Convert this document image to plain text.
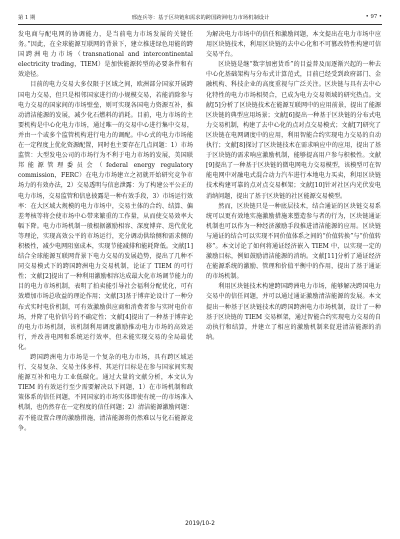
第 1 期	邢连兵等：基于区块链和需求的跨国跨洲电力市场机制设计	• 97 •

发电商与配电网的协调能力，是当前电力市场发展的关键任务。”因此，在全球能源互联网的背景下，建立推进绿色用能的跨国跨洲电力市场（transnational and intercontinental electricity trading，TIEM）是加快能源转型的必要条件和有效途径。

目前的电力交易大多仅限于区域之间，欧洲部分国家开展跨国电力交易，但只是相邻国家进行的小规模交易，若能消除参与电力交易的国家间的市场壁垒，则可实现各国电力资源互补，推动清洁能源的发展，减少化石燃料的消耗。目前，电力市场的主要机构是中心化电力市场，通过唯一的交易中心进行集中交易，并由一个或多个监管机构进行电力的调配。中心式的电力市场能在一定程度上优化资源配置，同时也主要存在几点问题：1）市场监管：大型发电公司的市场行为不利于电力市场的发展，美国联邦能源管理委员会（federal energy regulatory commission，FERC）在电力市场建立之初就开始研究竞争市场力的有效办法，2）交易透明与信息泄露：为了构建公平公正的电力市场，交易监管和信息披露是一种有效手段，3）市场运行效率：在大区域大规模的电力市场中，交易主体的合约、结算、偏差考核等将会使市场中心带来繁重的工作量，从而使交易效率大幅下降。电力市场机制一般根据激励相容、深度博弈、迭代优化等理论，实现高效公平的市场运行，充分调动供给侧和需求侧的积极性，减少电网阻塞成本，实现节能减排和能耗降低。文献[1]结合全球能源互联网背景下电力交易的发展趋势，提出了几种不同交易模式下的跨国跨洲电力交易机制，论证了 TIEM 的可行性；文献[2]提出了一种利用激励相容达成最大化市场调节能力的目的电力市场机制，表明了拍卖能引导社会福利分配优化，可有效增加市场总收益的理论作用；文献[3]基于博弈论设计了一种分布式实时电价机制，可有效激励供应商和消费者参与实时电价市场，并降了电价信号的不确定性；文献[4]提出了一种基于博弈论的电力市场机制，该机制利用调度激励推动电力市场的高效运行，并改善电网和系统运行效率，但未能实现交易的全局最优化。

跨国跨洲电力市场是一个复杂的电力市场，具有跨区域运行、交易复杂、交易主体多样、其运行目标是在参与国家间实现能源互补和电力工业低碳化。通过大量的文献分析，本文认为 TIEM 的有效运行至少需要解决以下问题，1）在市场机制和政策体系的信任问题，不同国家的市场实体即使有统一的市场准入机制，也仍然存在一定程度的信任问题；2）清洁能源激励问题：若不能设置合理的激励措施，清洁能源将仍然难以与化石能源竞争。

为解决电力市场中的信任和激励问题，本文提出在电力市场中应用区块链技术，利用区块链的去中心化和不可篡改特性构建可信交易平台。

区块链是继“数字加密货币”的目益普及而逐渐兴起的一种去中心化基础架构与分布式计算范式，目前已经受到政府部门、金融机构、科技企业的高度重视与广泛关注。区块链与具有去中心化特性的电力市场相契合，已成为电力交易领域的研究热点。文献[5]分析了区块链技术在能源互联网中的应用前景，提出了能源区块链的典型应用场景；文献[6]提出一种基于区块链的分布式电力交易机制，构建了去中心化的点对点交易模式；文献[7]研究了区块链在电网调度中的应用，利用智能合约实现电力交易的自动执行；文献[8]探讨了区块链技术在需求响应中的应用，提出了基于区块链的需求响应激励机制，能够提高用户参与积极性。文献[9]提出了一种基于区块链的微电网电力交易模型，该模型可在智能电网中对融电式混合动力汽车进行本地电力买卖，利用区块链技术构建可靠的点对点交易框架；文献[10]针对社区内光伏发电消纳问题，提出了基于区块链的社区能源交易模型。

然而，区块链只是一种底层技术，结合通证的区块链交易系统可以更有效地实施激励措施来塑造参与者的行为，区块链通证机制也可以作为一种经济激励手段推进清洁能源的应用。区块链与通证的结合可以实现不同价值体系之间的“价值转换”与“价值转移”。本文讨论了如何将通证经济嵌入 TIEM 中，以实现一定的激励目标，例如鼓励清洁能源的消纳。文献[11]分析了通证经济在能源系统的激励、管理和价值平衡中的作用，提出了基于通证的市场机制。

利用区块链技术构建跨国跨洲电力市场，能够解决跨国电力交易中的信任问题，并可以通过通证激励清洁能源的发展。本文提出一种基于区块链技术的跨国跨洲电力市场机制，设计了一种基于区块链的 TIEM 交易框架，通过智能合约实现电力交易的自动执行和结算，并建立了相应的激励机制来促进清洁能源的消纳。

2019/10-2
